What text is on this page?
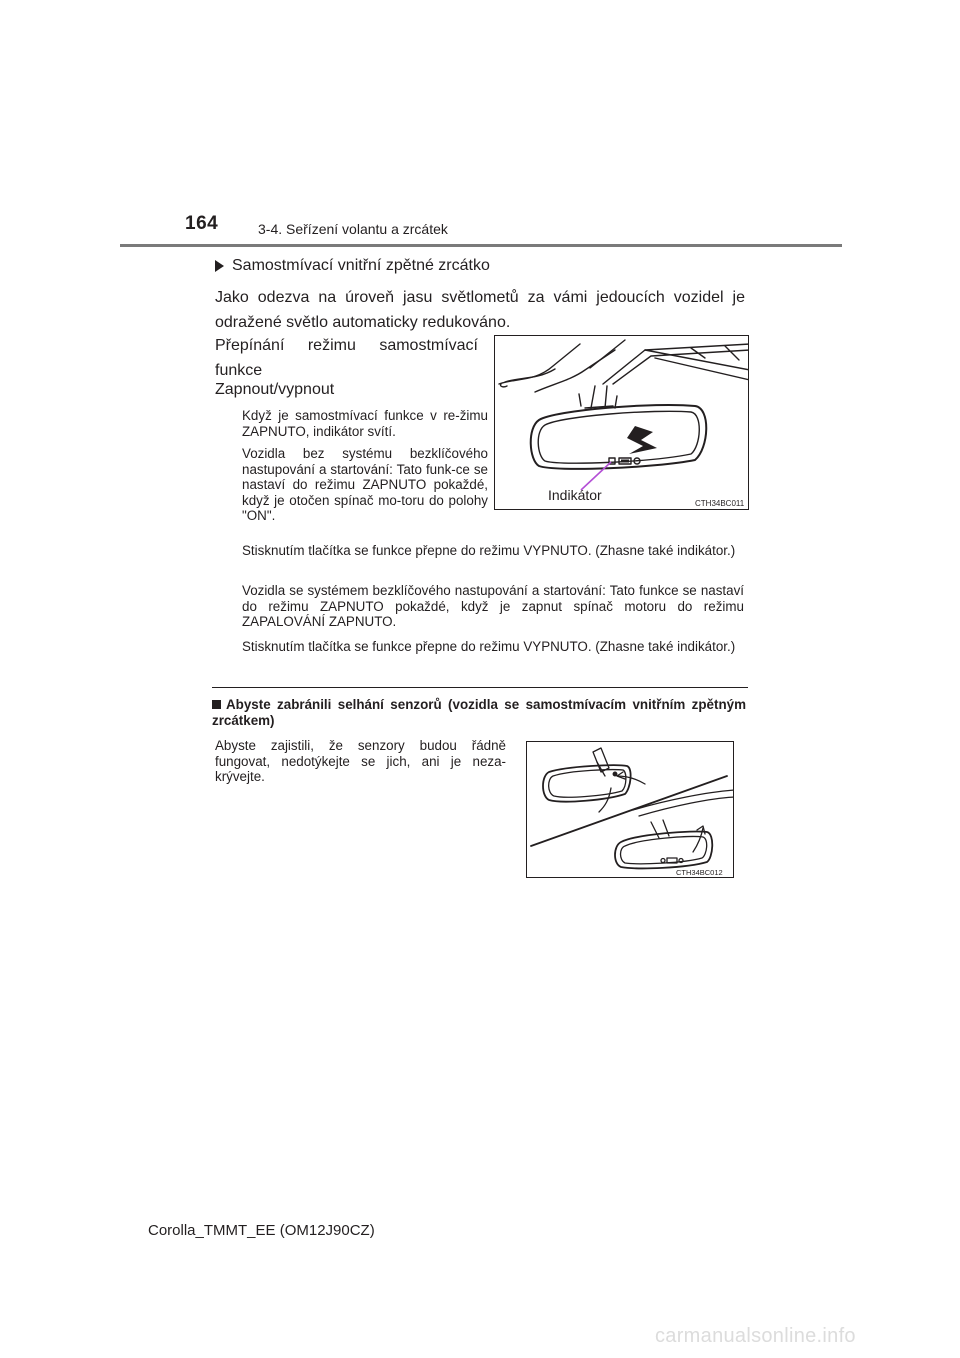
164	3-4. Seřízení volantu a zrcátek
Samostmívací vnitřní zpětné zrcátko
Jako odezva na úroveň jasu světlometů za vámi jedoucích vozidel je odražené světlo automaticky redukováno.
Přepínání režimu samostmívací funkce
Zapnout/vypnout
Když je samostmívací funkce v re-žimu ZAPNUTO, indikátor svítí.
Vozidla bez systému bezklíčového nastupování a startování: Tato funk-ce se nastaví do režimu ZAPNUTO pokaždé, když je otočen spínač mo-toru do polohy "ON".
Stisknutím tlačítka se funkce přepne do režimu VYPNUTO. (Zhasne také indikátor.)
Vozidla se systémem bezklíčového nastupování a startování: Tato funkce se nastaví do režimu ZAPNUTO pokaždé, když je zapnut spínač motoru do režimu ZAPALOVÁNÍ ZAPNUTO.
Stisknutím tlačítka se funkce přepne do režimu VYPNUTO. (Zhasne také indikátor.)
Indikátor
CTH34BC011
Abyste zabránili selhání senzorů (vozidla se samostmívacím vnitřním zpětným zrcátkem)
Abyste zajistili, že senzory budou řádně fungovat, nedotýkejte se jich, ani je neza-krývejte.
CTH34BC012
Corolla_TMMT_EE (OM12J90CZ)
carmanualsonline.info
